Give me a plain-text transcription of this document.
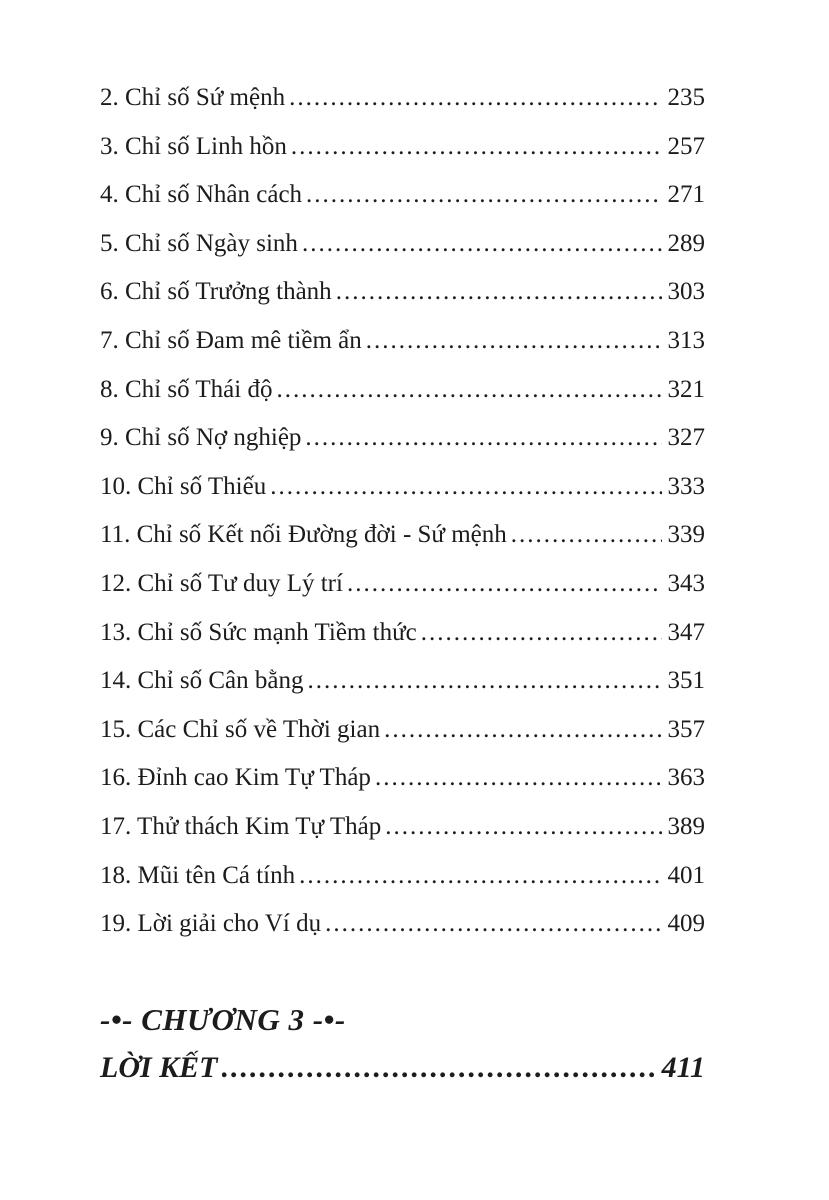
2. Chỉ số Sứ mệnh .....	235
3. Chỉ số Linh hồn .....	257
4. Chỉ số Nhân cách .....	271
5. Chỉ số Ngày sinh .....	289
6. Chỉ số Trưởng thành .....	303
7. Chỉ số Đam mê tiềm ẩn .....	313
8. Chỉ số Thái độ .....	321
9. Chỉ số Nợ nghiệp .....	327
10. Chỉ số Thiếu .....	333
11. Chỉ số Kết nối Đường đời - Sứ mệnh .....	339
12. Chỉ số Tư duy Lý trí .....	343
13. Chỉ số Sức mạnh Tiềm thức .....	347
14. Chỉ số Cân bằng .....	351
15. Các Chỉ số về Thời gian .....	357
16. Đỉnh cao Kim Tự Tháp .....	363
17. Thử thách Kim Tự Tháp .....	389
18. Mũi tên Cá tính .....	401
19. Lời giải cho Ví dụ .....	409
-•- CHƯƠNG 3 -•-
LỜI KẾT .....	411
